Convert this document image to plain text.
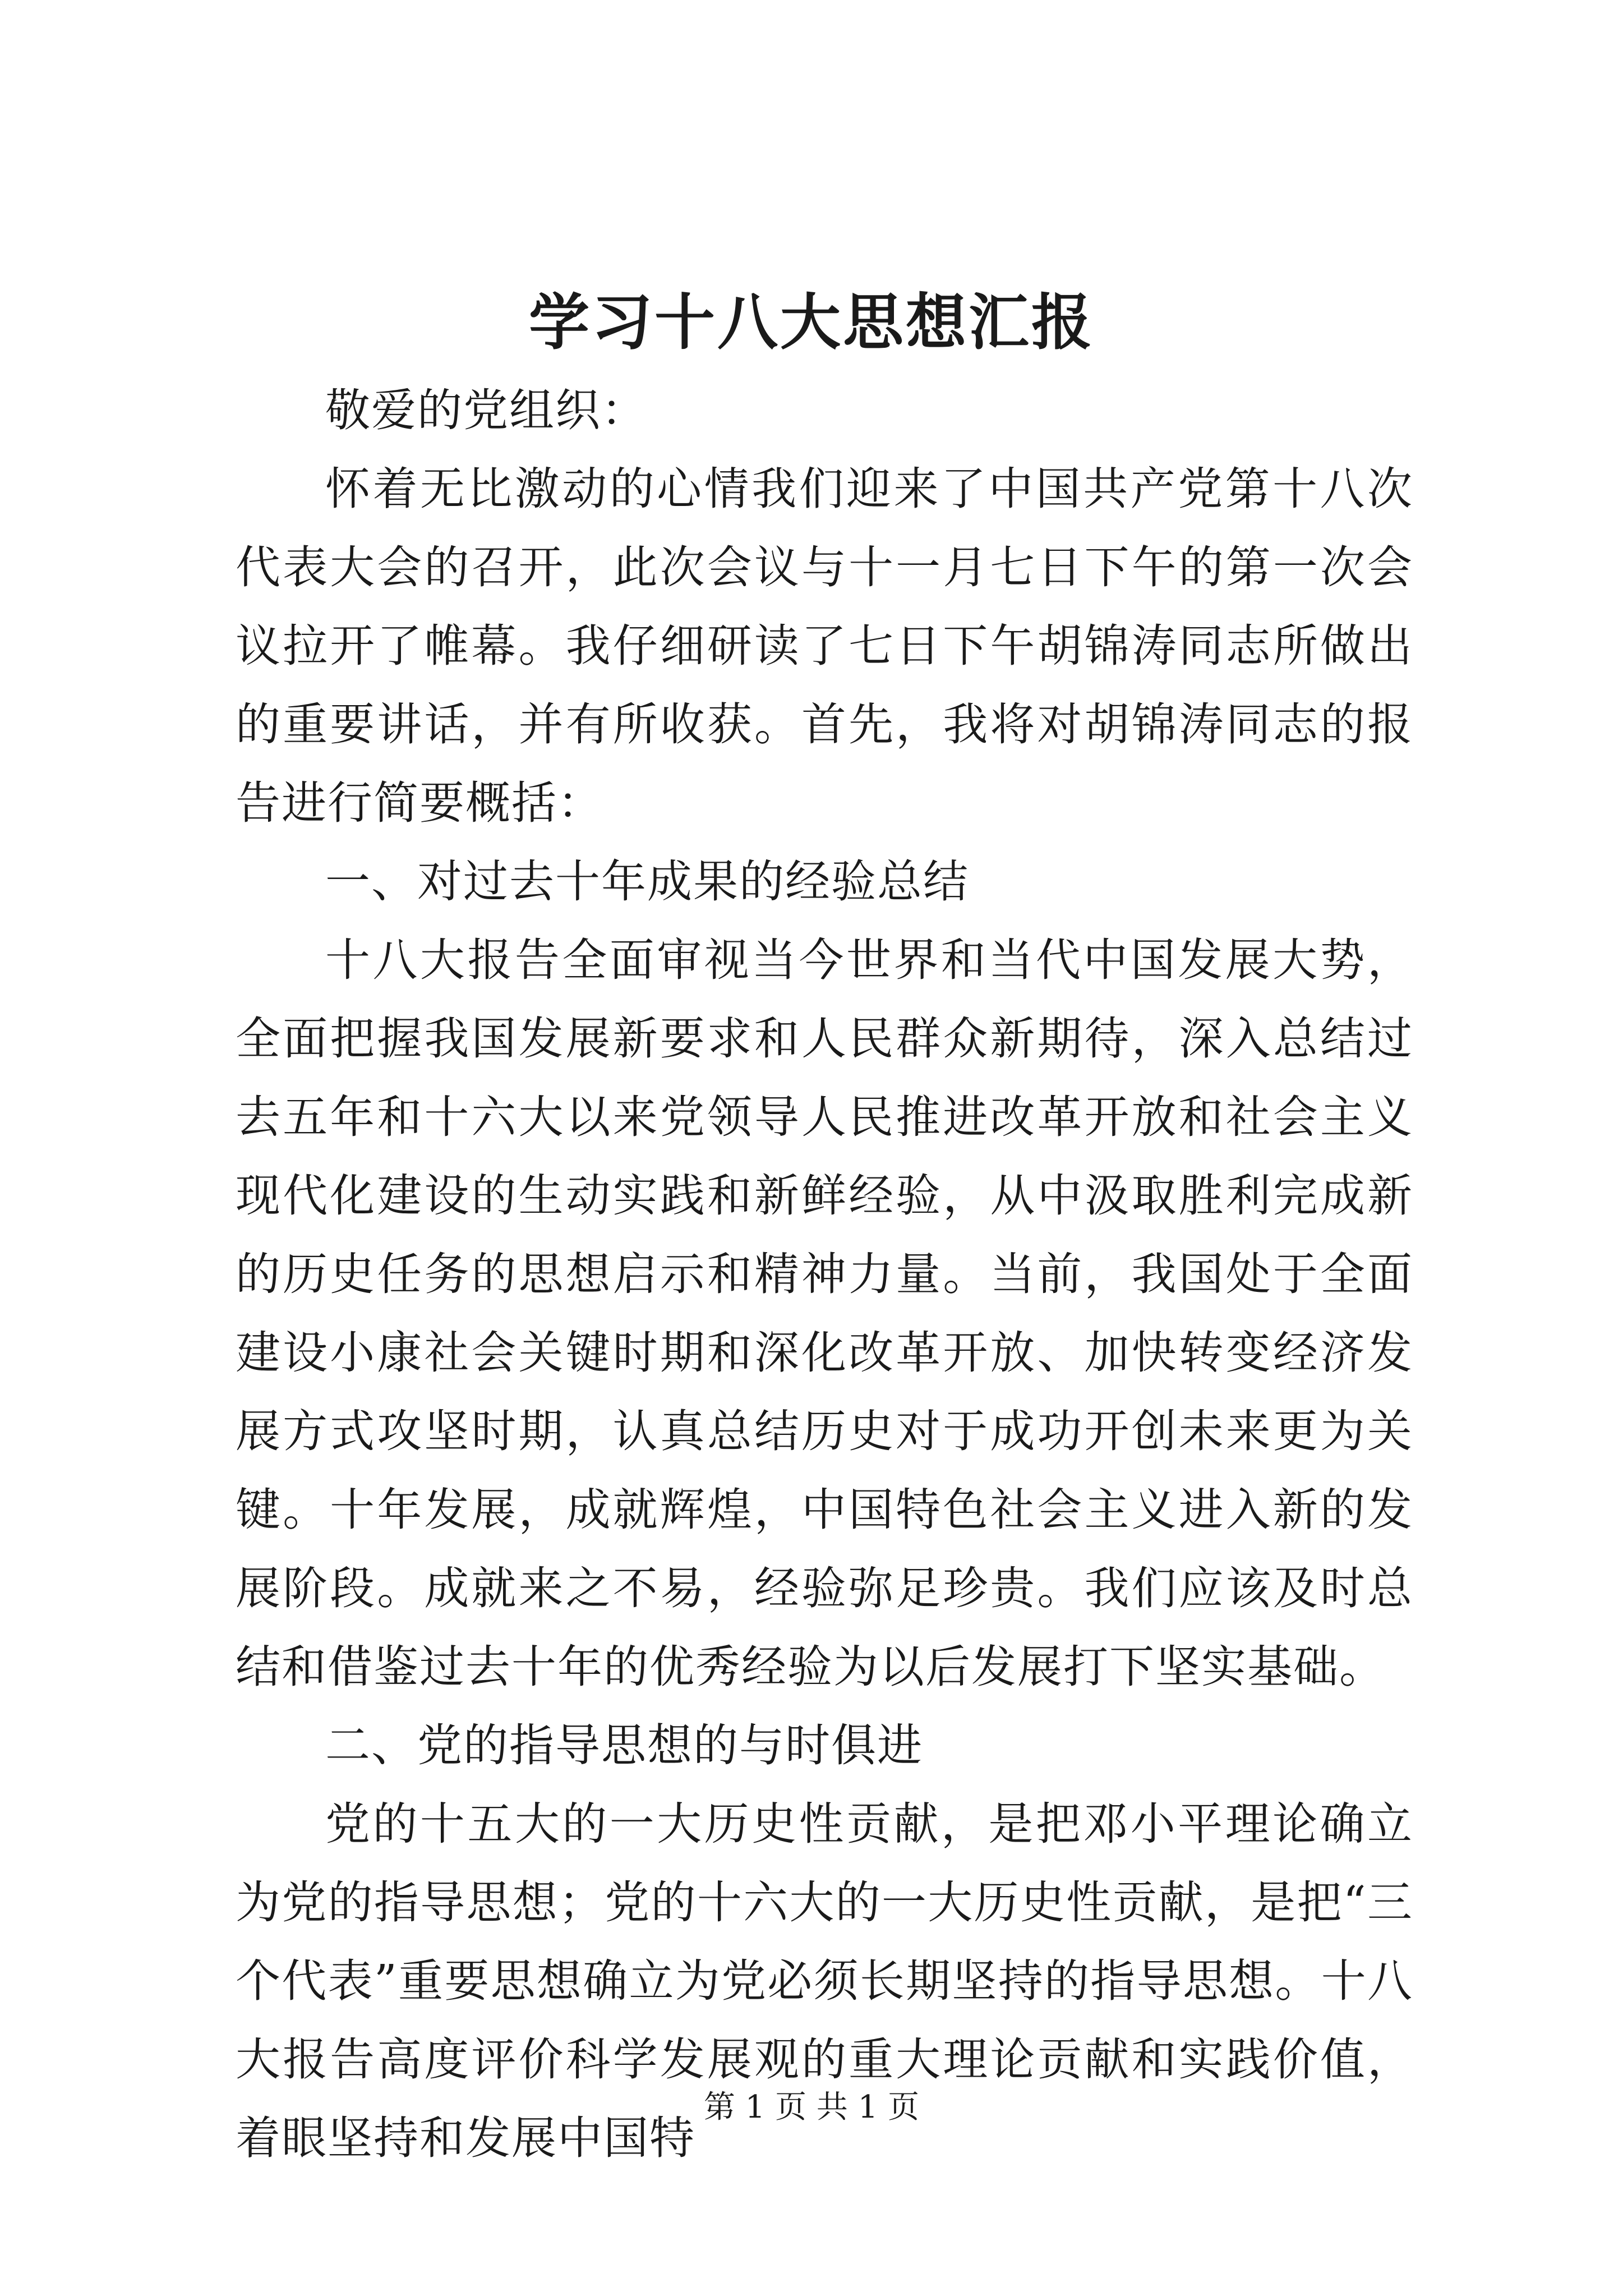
学习十八大思想汇报

敬爱的党组织：

怀着无比激动的心情我们迎来了中国共产党第十八次代表大会的召开，此次会议与十一月七日下午的第一次会议拉开了帷幕。我仔细研读了七日下午胡锦涛同志所做出的重要讲话，并有所收获。首先，我将对胡锦涛同志的报告进行简要概括：

一、对过去十年成果的经验总结

十八大报告全面审视当今世界和当代中国发展大势，全面把握我国发展新要求和人民群众新期待，深入总结过去五年和十六大以来党领导人民推进改革开放和社会主义现代化建设的生动实践和新鲜经验，从中汲取胜利完成新的历史任务的思想启示和精神力量。当前，我国处于全面建设小康社会关键时期和深化改革开放、加快转变经济发展方式攻坚时期，认真总结历史对于成功开创未来更为关键。十年发展，成就辉煌，中国特色社会主义进入新的发展阶段。成就来之不易，经验弥足珍贵。我们应该及时总结和借鉴过去十年的优秀经验为以后发展打下坚实基础。

二、党的指导思想的与时俱进

党的十五大的一大历史性贡献，是把邓小平理论确立为党的指导思想；党的十六大的一大历史性贡献，是把“三个代表”重要思想确立为党必须长期坚持的指导思想。十八大报告高度评价科学发展观的重大理论贡献和实践价值，着眼坚持和发展中国特

第 1 页 共 1 页
